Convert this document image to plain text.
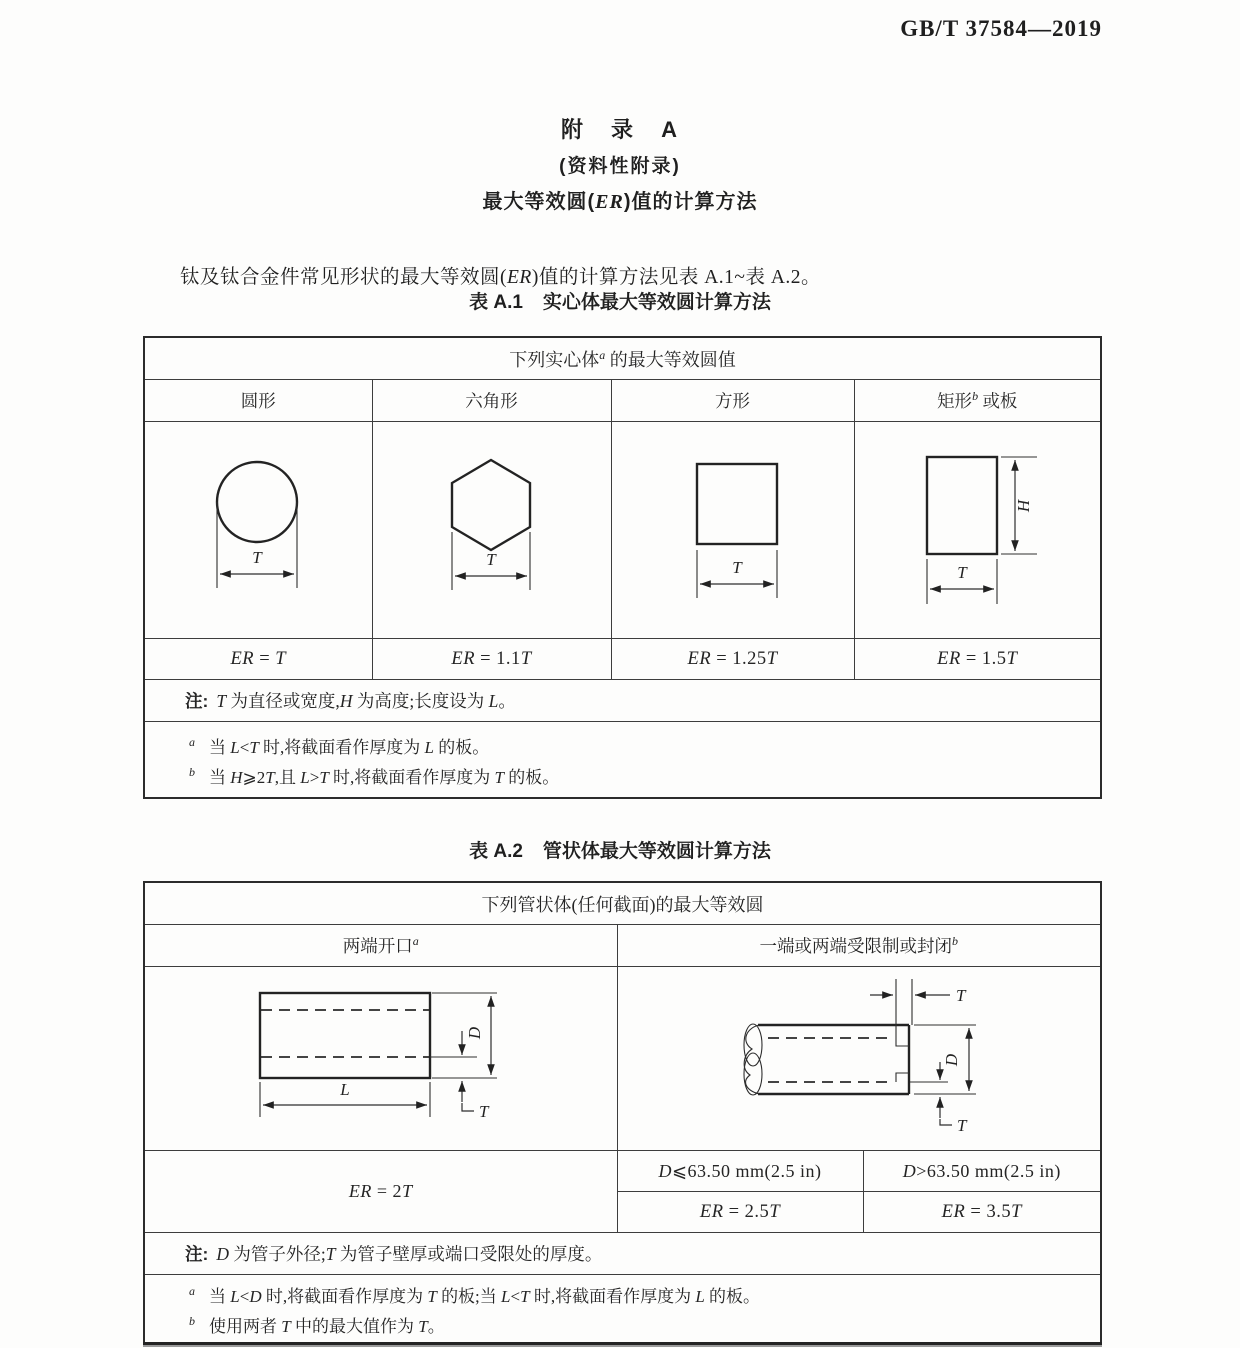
GB/T 37584—2019
附 录 A
(资料性附录)
最大等效圆(ER)值的计算方法

钛及钛合金件常见形状的最大等效圆(ER)值的计算方法见表 A.1~表 A.2。

表 A.1 实心体最大等效圆计算方法
下列实心体$^a$ 的最大等效圆值			
圆形	六角形	方形	矩形$^b$ 或板

T	T	T	H
T

ER = T	ER = 1.1T	ER = 1.25T	ER = 1.5T
注: T 为直径或宽度,H 为高度;长度设为 L。			

$^a$ 当 L<T 时,将截面看作厚度为 L 的板。
$^b$ 当 H⩾2T,且 L>T 时,将截面看作厚度为 T 的板。			
表 A.2 管状体最大等效圆计算方法
下列管状体(任何截面)的最大等效圆		
两端开口$^a$	一端或两端受限制或封闭$^b$

D
T
L	T
D
T	

ER = 2T	D⩽63.50 mm(2.5 in)	D>63.50 mm(2.5 in)
	ER = 2.5T	ER = 3.5T
注: D 为管子外径;T 为管子壁厚或端口受限处的厚度。		

$^a$ 当 L<D 时,将截面看作厚度为 T 的板;当 L<T 时,将截面看作厚度为 L 的板。
$^b$ 使用两者 T 中的最大值作为 T。		
